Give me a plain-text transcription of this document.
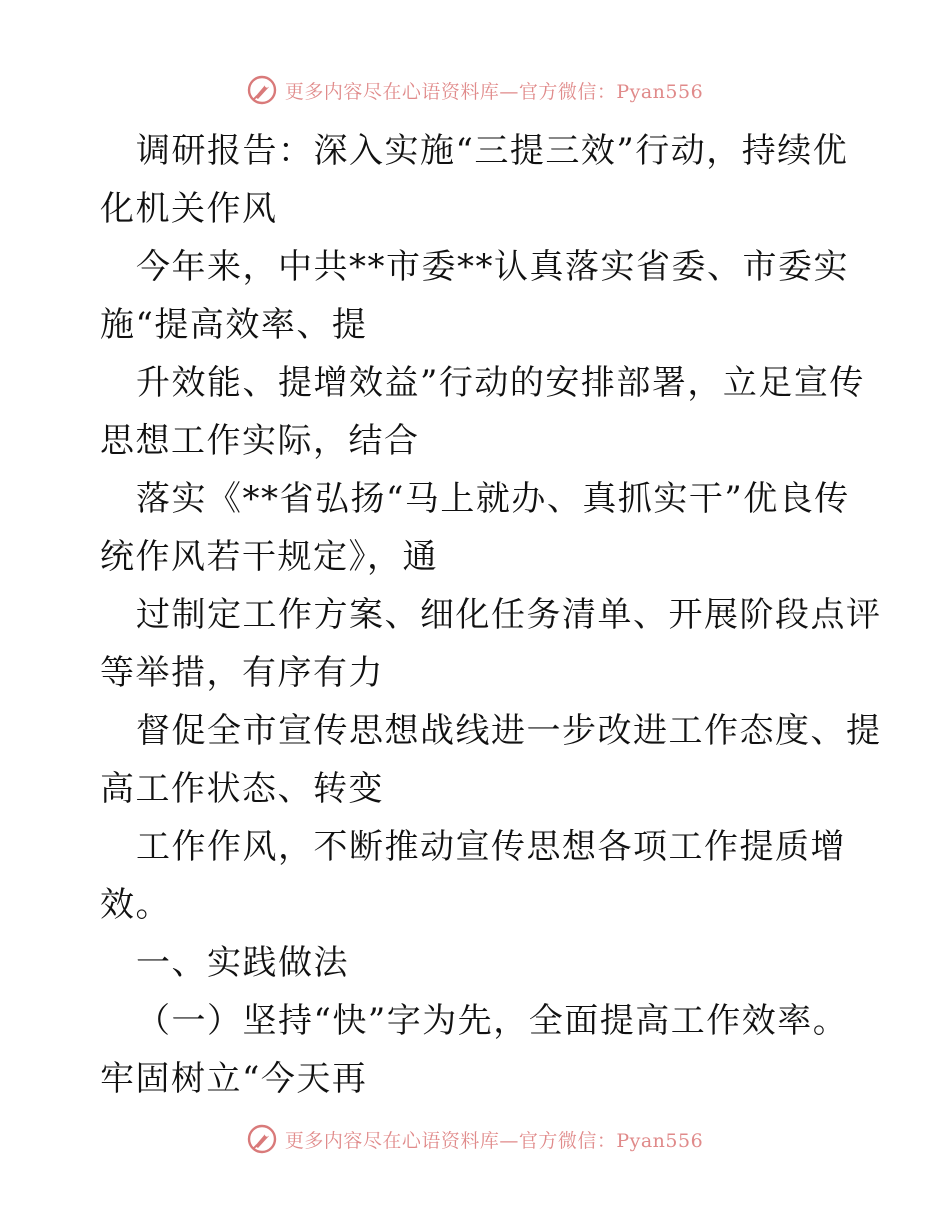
更多内容尽在心语资料库—官方微信：Pyan556
调研报告：深入实施“三提三效”行动，持续优
化机关作风
今年来，中共**市委**认真落实省委、市委实
施“提高效率、提
升效能、提增效益”行动的安排部署，立足宣传
思想工作实际，结合
落实《**省弘扬“马上就办、真抓实干”优良传
统作风若干规定》，通
过制定工作方案、细化任务清单、开展阶段点评
等举措，有序有力
督促全市宣传思想战线进一步改进工作态度、提
高工作状态、转变
工作作风，不断推动宣传思想各项工作提质增
效。
一、实践做法
（一）坚持“快”字为先，全面提高工作效率。
牢固树立“今天再
更多内容尽在心语资料库—官方微信：Pyan556
